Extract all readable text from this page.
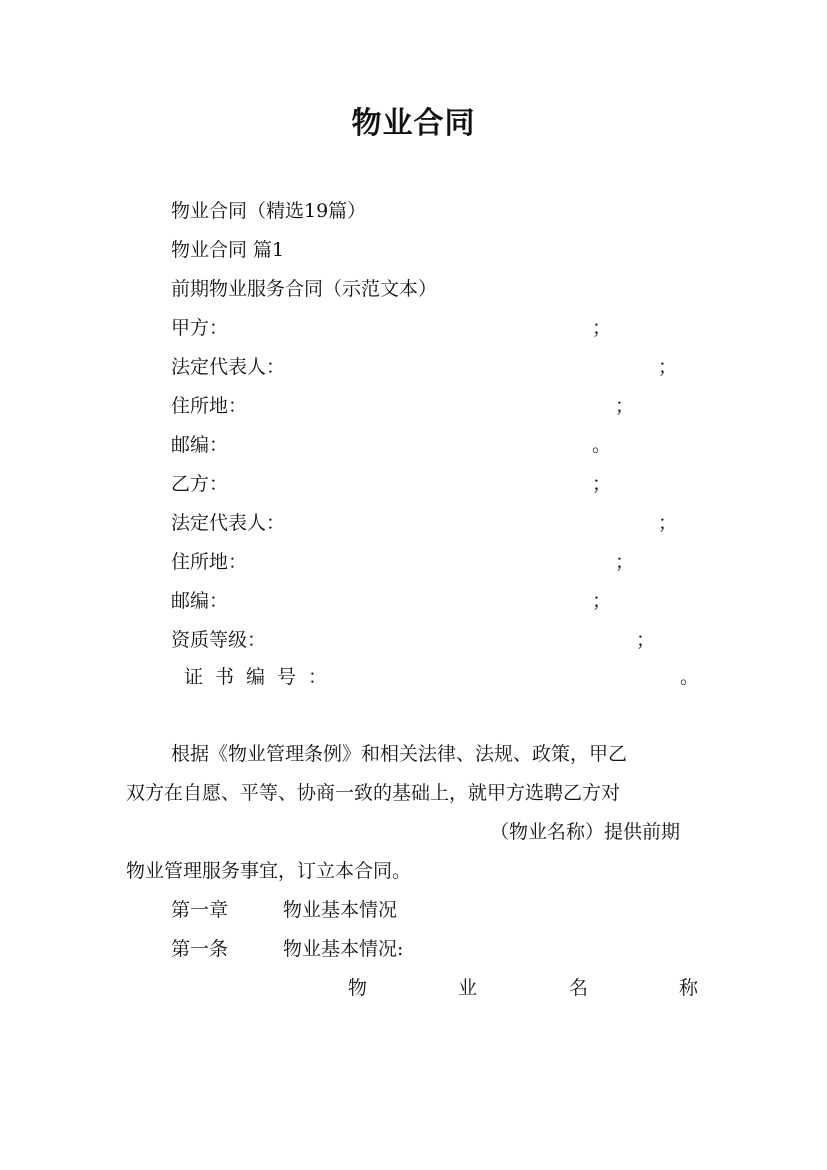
物业合同
物业合同（精选19篇）
物业合同 篇1
前期物业服务合同（示范文本）
甲方：	；
法定代表人：	；
住所地：	；
邮编：	。
乙方：	；
法定代表人：	；
住所地：	；
邮编：	；
资质等级：	；
证书编号：	。
根据《物业管理条例》和相关法律、法规、政策，甲乙
双方在自愿、平等、协商一致的基础上，就甲方选聘乙方对
（物业名称）提供前期
物业管理服务事宜，订立本合同。
第一章	物业基本情况
第一条	物业基本情况:
物	业	名	称
